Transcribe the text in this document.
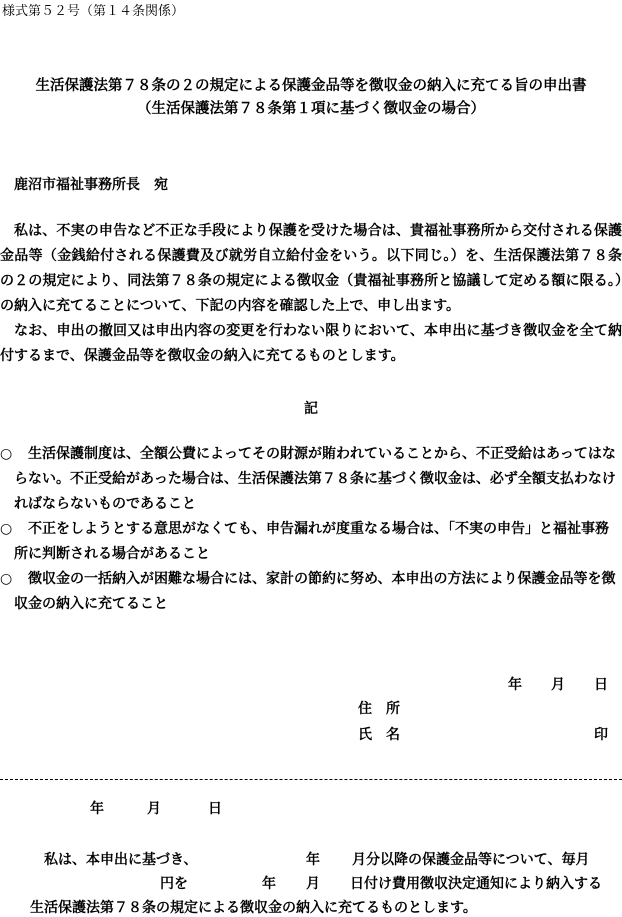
様式第５２号（第１４条関係）
生活保護法第７８条の２の規定による保護金品等を徴収金の納入に充てる旨の申出書
（生活保護法第７８条第１項に基づく徴収金の場合）
鹿沼市福祉事務所長　宛

私は、不実の申告など不正な手段により保護を受けた場合は、貴福祉事務所から交付される保護金品等（金銭給付される保護費及び就労自立給付金をいう。以下同じ。）を、生活保護法第７８条の２の規定により、同法第７８条の規定による徴収金（貴福祉事務所と協議して定める額に限る。）の納入に充てることについて、下記の内容を確認した上で、申し出ます。

なお、申出の撤回又は申出内容の変更を行わない限りにおいて、本申出に基づき徴収金を全て納付するまで、保護金品等を徴収金の納入に充てるものとします。

記

○ 生活保護制度は、全額公費によってその財源が賄われていることから、不正受給はあってはならない。不正受給があった場合は、生活保護法第７８条に基づく徴収金は、必ず全額支払わなければならないものであること

○ 不正をしようとする意思がなくても、申告漏れが度重なる場合は、「不実の申告」と福祉事務所に判断される場合があること

○ 徴収金の一括納入が困難な場合には、家計の節約に努め、本申出の方法により保護金品等を徴収金の納入に充てること

年 月 日
住　所
氏　名	印
年	月	日
私は、本申出に基づき、	年 月分以降の保護金品等について、毎月
円を	年 月 日付け費用徴収決定通知により納入する
生活保護法第７８条の規定による徴収金の納入に充てるものとします。
